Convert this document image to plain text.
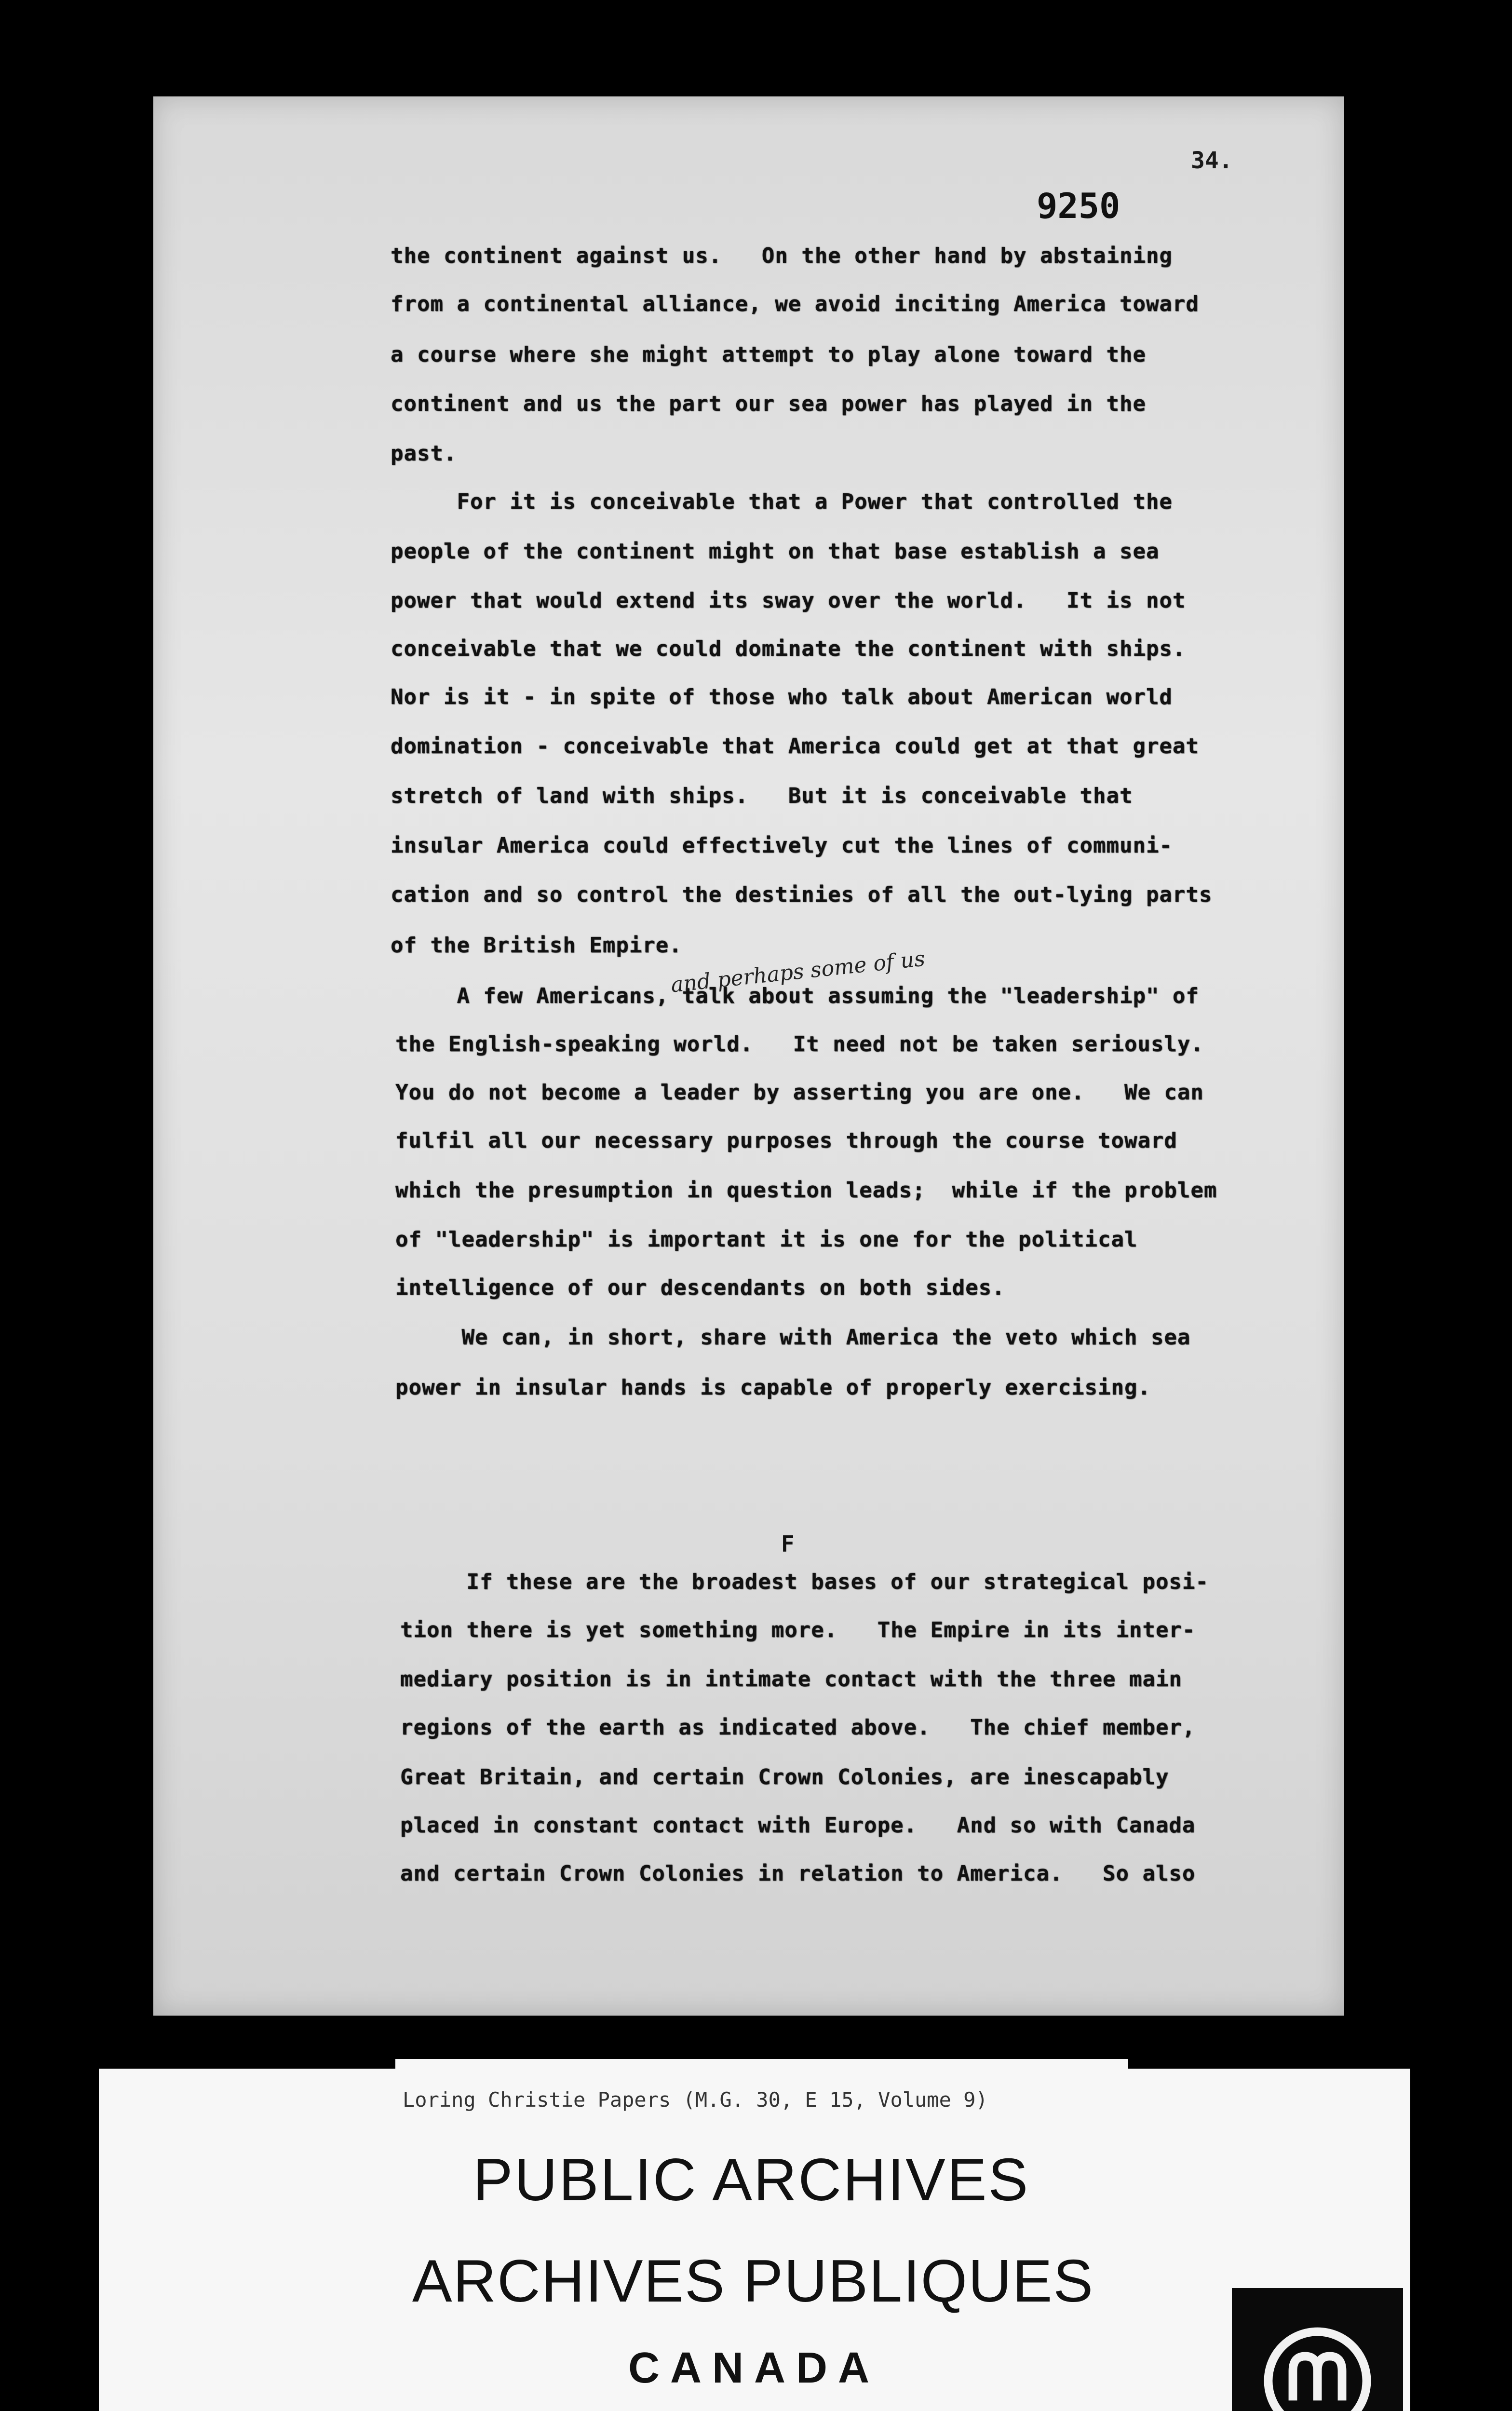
34.
9250
the continent against us.   On the other hand by abstaining
from a continental alliance, we avoid inciting America toward
a course where she might attempt to play alone toward the
continent and us the part our sea power has played in the
past.
For it is conceivable that a Power that controlled the
people of the continent might on that base establish a sea
power that would extend its sway over the world.   It is not
conceivable that we could dominate the continent with ships.
Nor is it - in spite of those who talk about American world
domination - conceivable that America could get at that great
stretch of land with ships.   But it is conceivable that
insular America could effectively cut the lines of communi-
cation and so control the destinies of all the out-lying parts
of the British Empire.
A few Americans, talk about assuming the "leadership" of
the English-speaking world.   It need not be taken seriously.
You do not become a leader by asserting you are one.   We can
fulfil all our necessary purposes through the course toward
which the presumption in question leads;  while if the problem
of "leadership" is important it is one for the political
intelligence of our descendants on both sides.
We can, in short, share with America the veto which sea
power in insular hands is capable of properly exercising.
If these are the broadest bases of our strategical posi-
tion there is yet something more.   The Empire in its inter-
mediary position is in intimate contact with the three main
regions of the earth as indicated above.   The chief member,
Great Britain, and certain Crown Colonies, are inescapably
placed in constant contact with Europe.   And so with Canada
and certain Crown Colonies in relation to America.   So also
and perhaps some of us
F
Loring Christie Papers (M.G. 30, E 15, Volume 9)
PUBLIC ARCHIVES
ARCHIVES PUBLIQUES
CANADA
